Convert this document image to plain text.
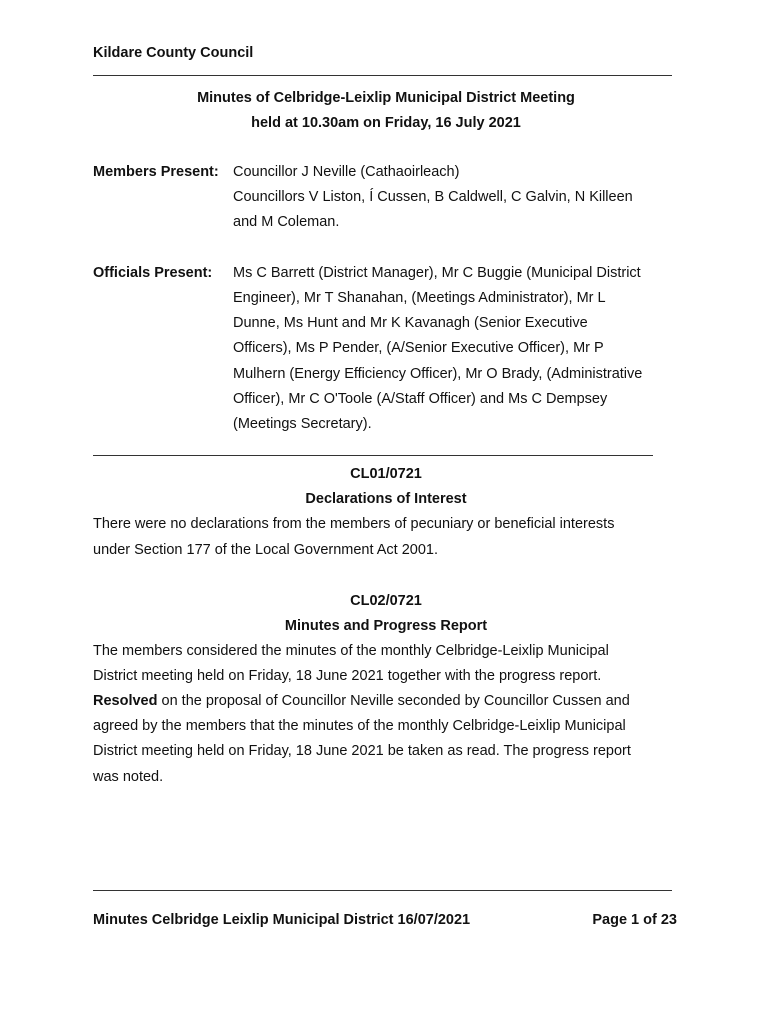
Kildare County Council
Minutes of Celbridge-Leixlip Municipal District Meeting
held at 10.30am on Friday, 16 July 2021
Members Present: Councillor J Neville (Cathaoirleach)
Councillors V Liston, Í Cussen, B Caldwell, C Galvin, N Killeen
and M Coleman.
Officials Present: Ms C Barrett (District Manager), Mr C Buggie (Municipal District
Engineer), Mr T Shanahan, (Meetings Administrator), Mr L
Dunne, Ms Hunt and Mr K Kavanagh (Senior Executive
Officers), Ms P Pender, (A/Senior Executive Officer), Mr P
Mulhern (Energy Efficiency Officer), Mr O Brady, (Administrative
Officer), Mr C O'Toole (A/Staff Officer) and Ms C Dempsey
(Meetings Secretary).
CL01/0721
Declarations of Interest
There were no declarations from the members of pecuniary or beneficial interests
under Section 177 of the Local Government Act 2001.
CL02/0721
Minutes and Progress Report
The members considered the minutes of the monthly Celbridge-Leixlip Municipal
District meeting held on Friday, 18 June 2021 together with the progress report.
Resolved on the proposal of Councillor Neville seconded by Councillor Cussen and
agreed by the members that the minutes of the monthly Celbridge-Leixlip Municipal
District meeting held on Friday, 18 June 2021 be taken as read. The progress report
was noted.
Minutes Celbridge Leixlip Municipal District 16/07/2021	Page 1 of 23
